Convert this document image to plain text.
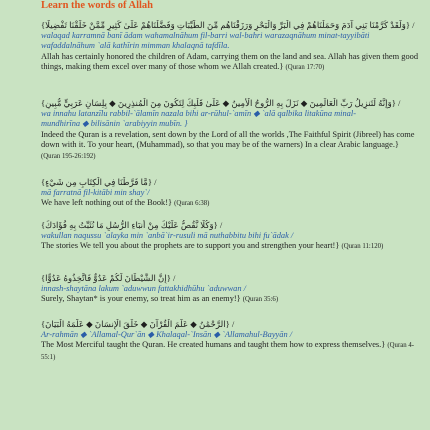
Learn the words of Allah
{وَلَقَدْ كَرَّمْنَا بَنِي آدَمَ وَحَمَلْنَاهُمْ فِي الْبَرِّ وَالْبَحْرِ وَرَزَقْنَاهُم مِّنَ الطَّيِّبَاتِ وَفَضَّلْنَاهُمْ عَلَىٰ كَثِيرٍ مِّمَّنْ خَلَقْنَا تَفْضِيلًا} /
walaqad karramnā banī ādam wahamalnāhum fil-barri wal-bahri warazaqnāhum minat-tayyibāti
wafaddalnāhum `alā kathīrin mimman khalaqnā tafdīla.
Allah has certainly honored the children of Adam, carrying them on the land and sea. Allah has given them good things, making them excel over many of those whom we Allah created.} (Quran 17:70)
{وَإِنَّهُ لَتَنزِيلُ رَبِّ الْعَالَمِينَ ◆ نَزَلَ بِهِ الرُّوحُ الْأَمِينُ ◆ عَلَىٰ قَلْبِكَ لِتَكُونَ مِنَ الْمُنذِرِينَ ◆ بِلِسَانٍ عَرَبِيٍّ مُّبِينٍ} /
wa innahu latanzīlu rabbil-`ālamīn nazala bihi ar-rūhul-`amīn ◆ `alā qalbika litakūna minal-
mundhirīna ◆ bilisānin `arabiyyin mubīn. }
Indeed the Quran is a revelation, sent down by the Lord of all the worlds ,The Faithful Spirit (Jibreel) has come down with it. To your heart, (Muhammad), so that you may be of the warners) In a clear Arabic language.} (Quran 195-26:192)
{مَّا فَرَّطْنَا فِي الْكِتَابِ مِن شَيْءٍ} /
mā farratnā fil-kitābi min shay`/
We have left nothing out of the Book!} (Quran 6:38)
{وَكُلًّا نَّقُصُّ عَلَيْكَ مِنْ أَنبَاءِ الرُّسُلِ مَا نُثَبِّتُ بِهِ فُؤَادَكَ} /
wakullan naqussu `alayka min `anbā`ir-rusuli mā nuthabbitu bihi fu`ādak /
The stories We tell you about the prophets are to support you and strengthen your heart!} (Quran 11:120)
{إِنَّ الشَّيْطَانَ لَكُمْ عَدُوٌّ فَاتَّخِذُوهُ عَدُوًّا} /
innash-shaytāna lakum `aduwwun fattakhidhūhu `aduwwan /
Surely, Shaytan* is your enemy, so treat him as an enemy!} (Quran 35:6)
{الرَّحْمَٰنُ ◆ عَلَّمَ الْقُرْآنَ ◆ خَلَقَ الْإِنسَانَ ◆ عَلَّمَهُ الْبَيَانَ} /
Ar-rahmān ◆ `Allamal-Qur`ān ◆ Khalaqal-`Insān ◆ `Allamahul-Bayyān /
The Most Merciful taught the Quran. He created humans and taught them how to express themselves.} (Quran 4-55:1)
